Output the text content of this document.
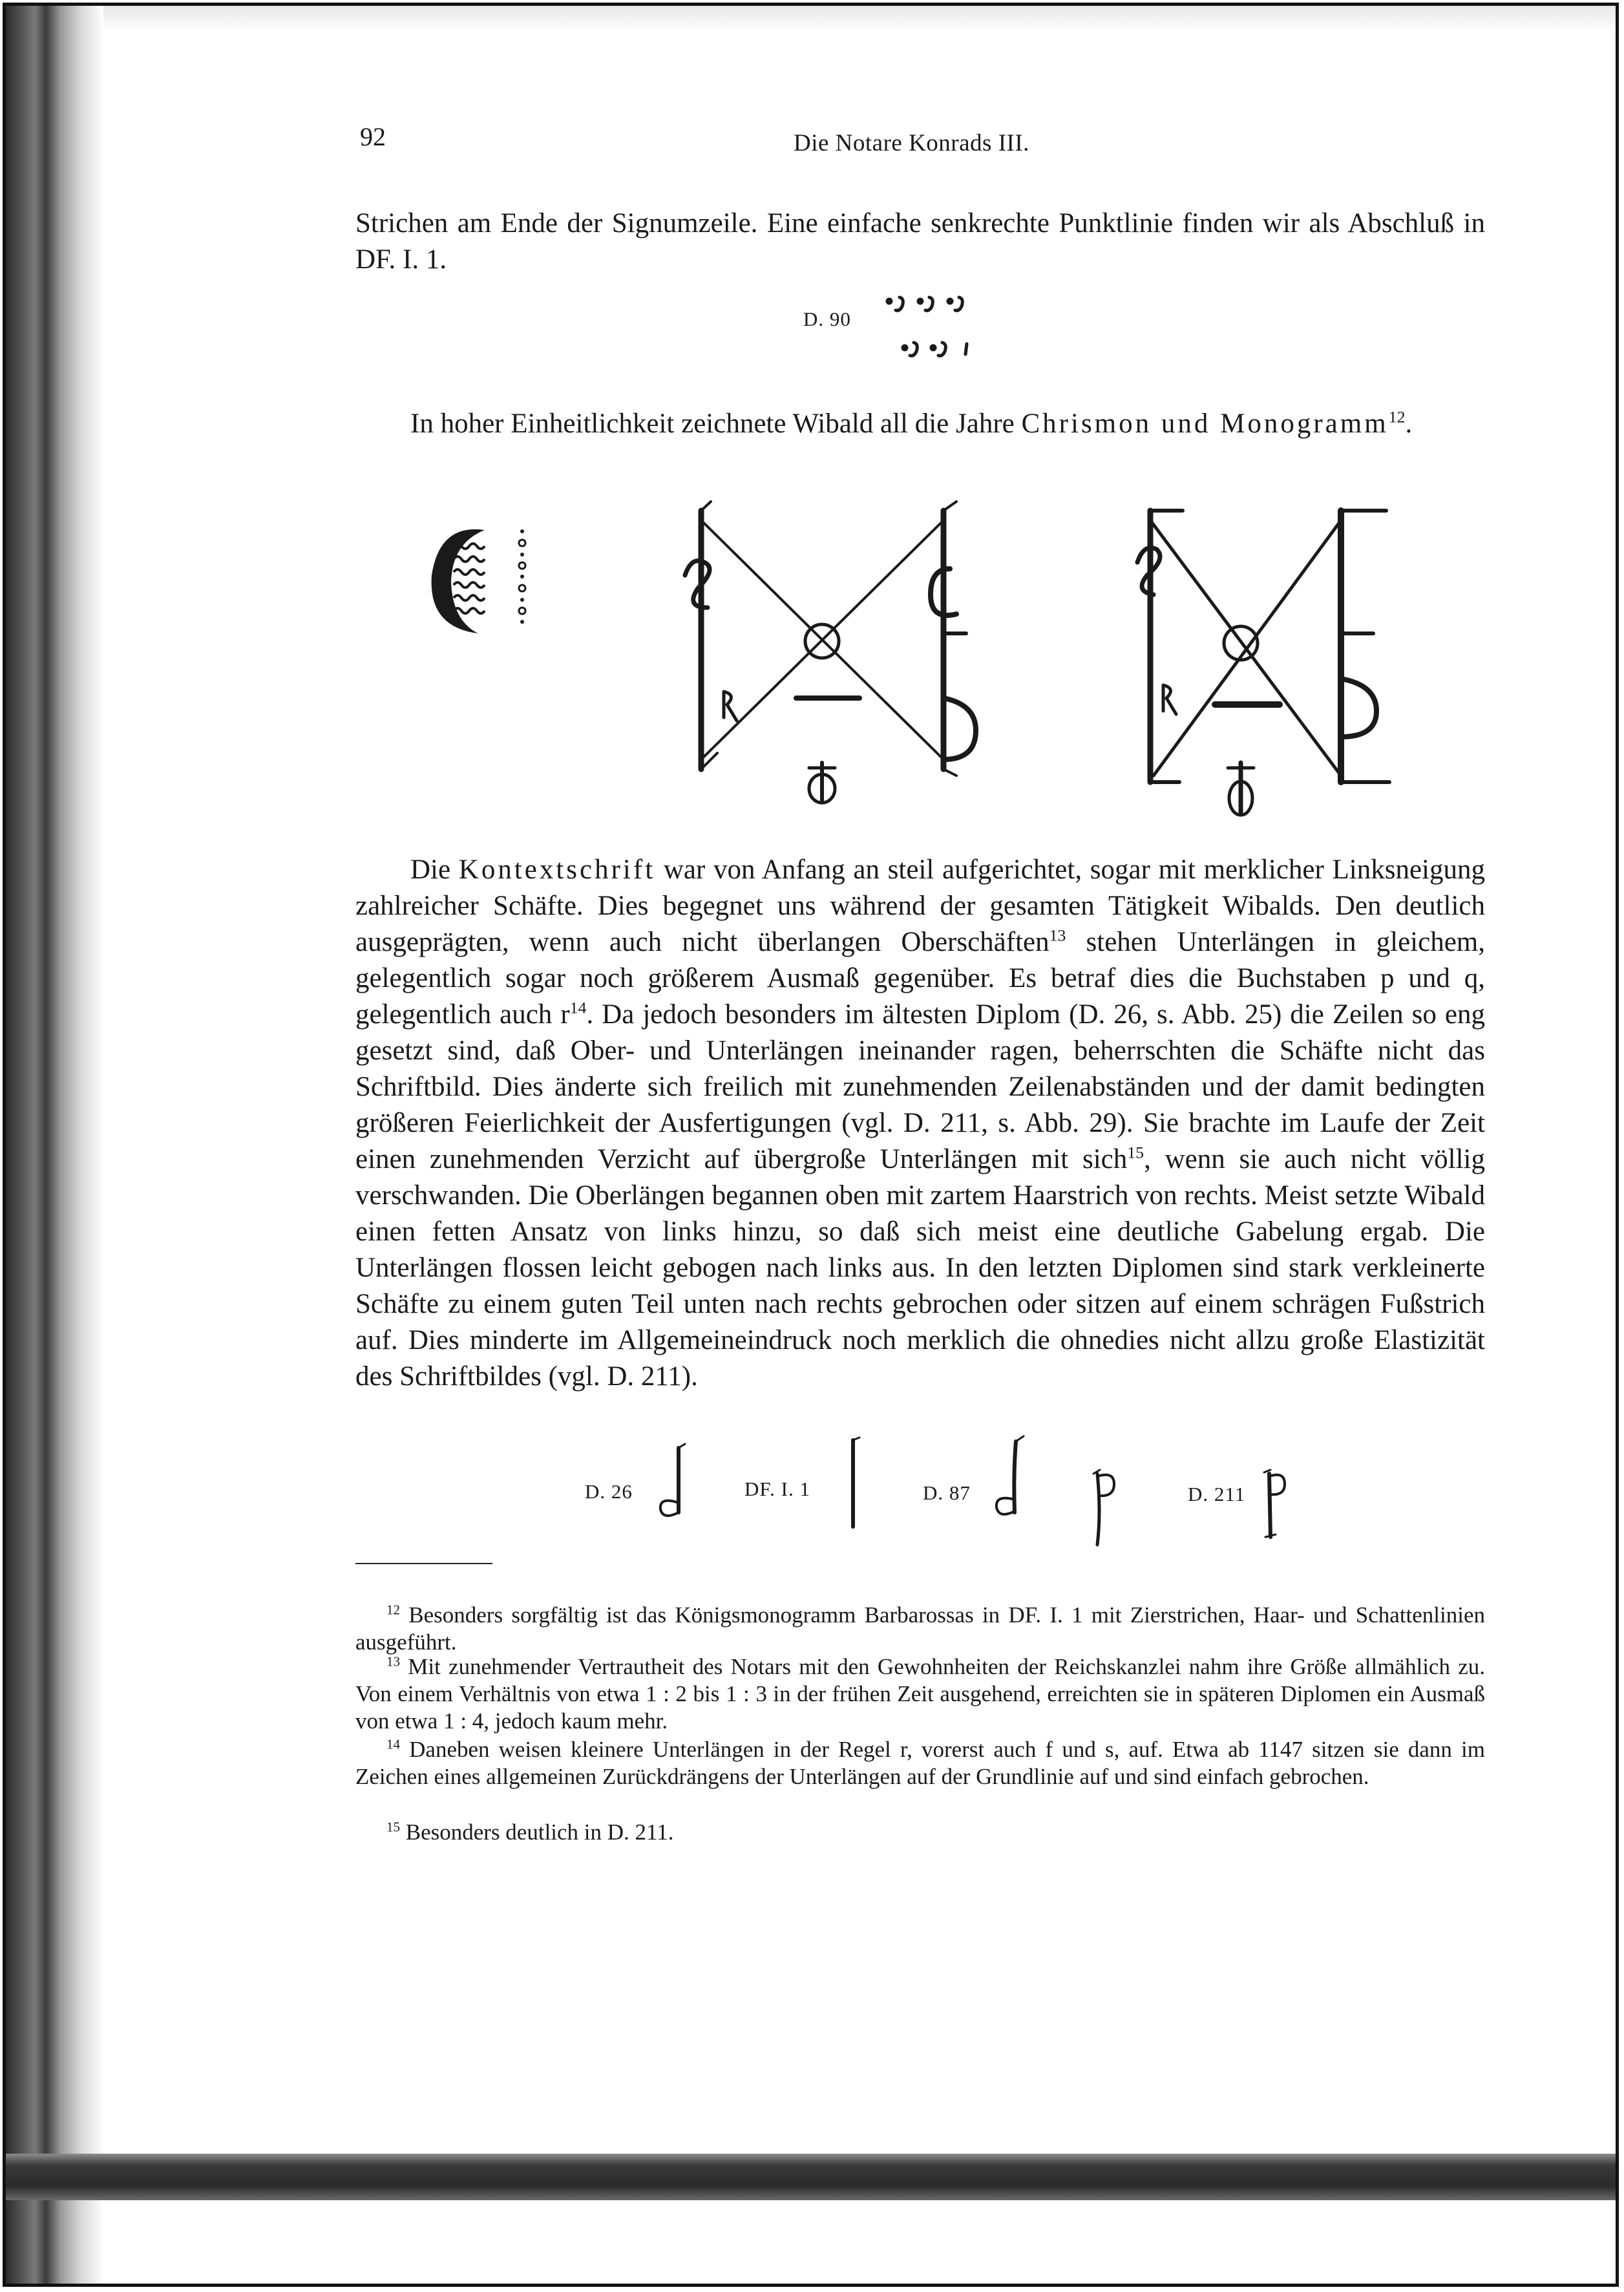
92	Die Notare Konrads III.

Strichen am Ende der Signumzeile. Eine einfache senkrechte Punktlinie finden wir als Abschluß in DF. I. 1.

D. 90

In hoher Einheitlichkeit zeichnete Wibald all die Jahre Chrismon und Monogramm$^{12}$.

Die Kontextschrift war von Anfang an steil aufgerichtet, sogar mit merklicher Linksneigung zahlreicher Schäfte. Dies begegnet uns während der gesamten Tätigkeit Wibalds. Den deutlich ausgeprägten, wenn auch nicht überlangen Oberschäften$^{13}$ stehen Unterlängen in gleichem, gelegentlich sogar noch größerem Ausmaß gegenüber. Es betraf dies die Buchstaben p und q, gelegentlich auch $r^{14}$. Da jedoch besonders im ältesten Diplom (D. 26, s. Abb. 25) die Zeilen so eng gesetzt sind, daß Ober- und Unterlängen ineinander ragen, beherrschten die Schäfte nicht das Schriftbild. Dies änderte sich freilich mit zunehmenden Zeilenabständen und der damit bedingten größeren Feierlichkeit der Ausfertigungen (vgl. D. 211, s. Abb. 29). Sie brachte im Laufe der Zeit einen zunehmenden Verzicht auf übergroße Unterlängen mit sich$^{15}$, wenn sie auch nicht völlig verschwanden. Die Oberlängen begannen oben mit zartem Haarstrich von rechts. Meist setzte Wibald einen fetten Ansatz von links hinzu, so daß sich meist eine deutliche Gabelung ergab. Die Unterlängen flossen leicht gebogen nach links aus. In den letzten Diplomen sind stark verkleinerte Schäfte zu einem guten Teil unten nach rechts gebrochen oder sitzen auf einem schrägen Fußstrich auf. Dies minderte im Allgemeineindruck noch merklich die ohnedies nicht allzu große Elastizität des Schriftbildes (vgl. D. 211).

D. 26	DF. I. 1	D. 87	D. 211

$^{12}$ Besonders sorgfältig ist das Königsmonogramm Barbarossas in DF. I. 1 mit Zierstrichen, Haar- und Schattenlinien ausgeführt.

$^{13}$ Mit zunehmender Vertrautheit des Notars mit den Gewohnheiten der Reichskanzlei nahm ihre Größe allmählich zu. Von einem Verhältnis von etwa 1 : 2 bis 1 : 3 in der frühen Zeit ausgehend, erreichten sie in späteren Diplomen ein Ausmaß von etwa 1 : 4, jedoch kaum mehr.

$^{14}$ Daneben weisen kleinere Unterlängen in der Regel r, vorerst auch f und s, auf. Etwa ab 1147 sitzen sie dann im Zeichen eines allgemeinen Zurückdrängens der Unterlängen auf der Grundlinie auf und sind einfach gebrochen.

$^{15}$ Besonders deutlich in D. 211.
